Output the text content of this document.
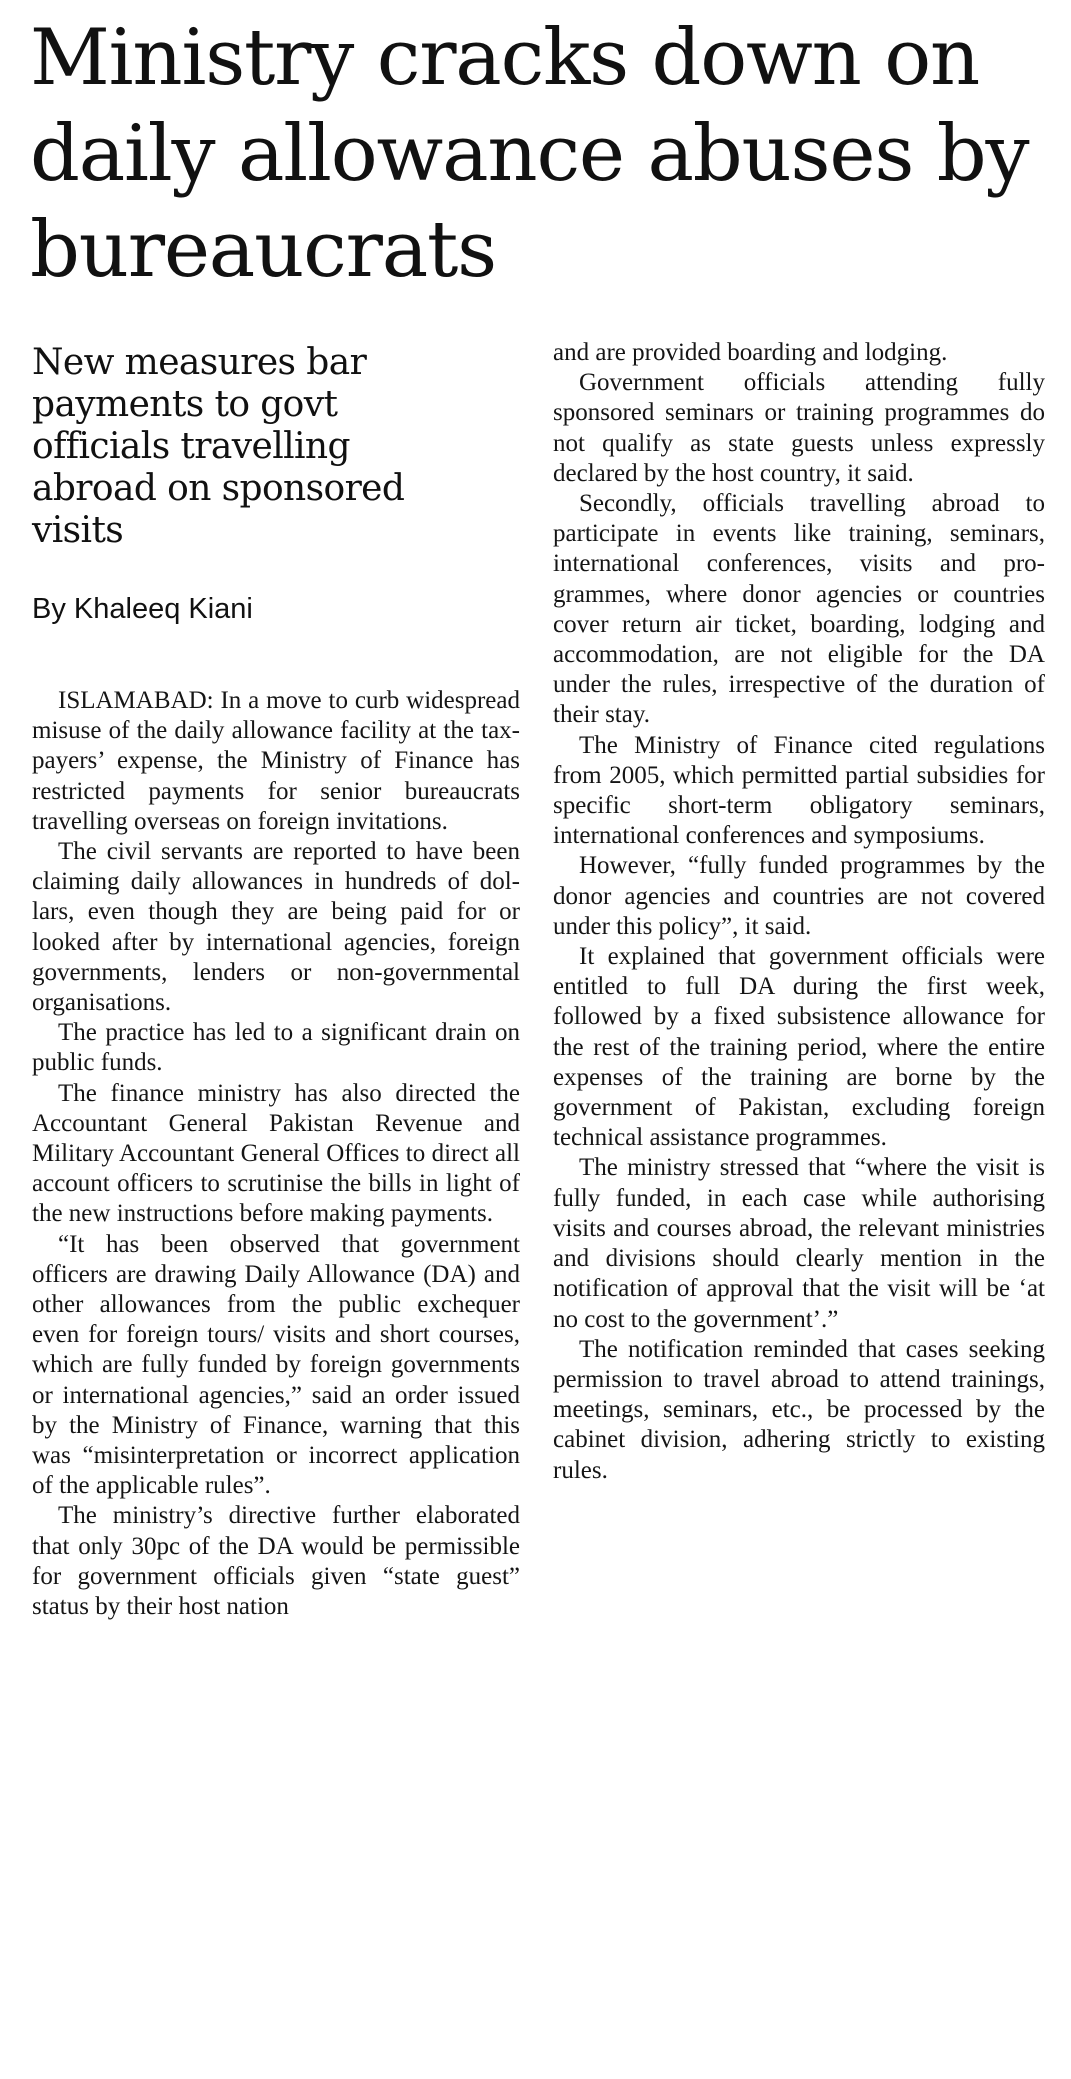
Ministry cracks down on daily allowance abuses by bureaucrats
New measures bar payments to govt officials travelling abroad on sponsored visits
By Khaleeq Kiani

ISLAMABAD: In a move to curb widespread misuse of the daily allowance facility at the taxpayers’ expense, the Ministry of Finance has restricted payments for senior bureaucrats travelling overseas on foreign invitations.

The civil servants are reported to have been claiming daily allowances in hundreds of dollars, even though they are being paid for or looked after by international agencies, foreign governments, lenders or non-governmental organisations.

The practice has led to a significant drain on public funds.

The finance ministry has also directed the Accountant General Pakistan Revenue and Military Accountant General Offices to direct all account officers to scrutinise the bills in light of the new instructions before making payments.

“It has been observed that government officers are drawing Daily Allowance (DA) and other allowances from the public exchequer even for foreign tours/ visits and short courses, which are fully funded by foreign governments or international agencies,” said an order issued by the Ministry of Finance, warning that this was “misinterpretation or incorrect application of the applicable rules”.

The ministry’s directive further elaborated that only 30pc of the DA would be permissible for government officials given “state guest” status by their host nation

and are provided boarding and lodging.

Government officials attending fully sponsored seminars or training programmes do not qualify as state guests unless expressly declared by the host country, it said.

Secondly, officials travelling abroad to participate in events like training, seminars, international conferences, visits and programmes, where donor agencies or countries cover return air ticket, boarding, lodging and accommodation, are not eligible for the DA under the rules, irrespective of the duration of their stay.

The Ministry of Finance cited regulations from 2005, which permitted partial subsidies for specific short-term obligatory seminars, international conferences and symposiums.

However, “fully funded programmes by the donor agencies and countries are not covered under this policy”, it said.

It explained that government officials were entitled to full DA during the first week, followed by a fixed subsistence allowance for the rest of the training period, where the entire expenses of the training are borne by the government of Pakistan, excluding foreign technical assistance programmes.

The ministry stressed that “where the visit is fully funded, in each case while authorising visits and courses abroad, the relevant ministries and divisions should clearly mention in the notification of approval that the visit will be ‘at no cost to the government’.”

The notification reminded that cases seeking permission to travel abroad to attend trainings, meetings, seminars, etc., be processed by the cabinet division, adhering strictly to existing rules.
